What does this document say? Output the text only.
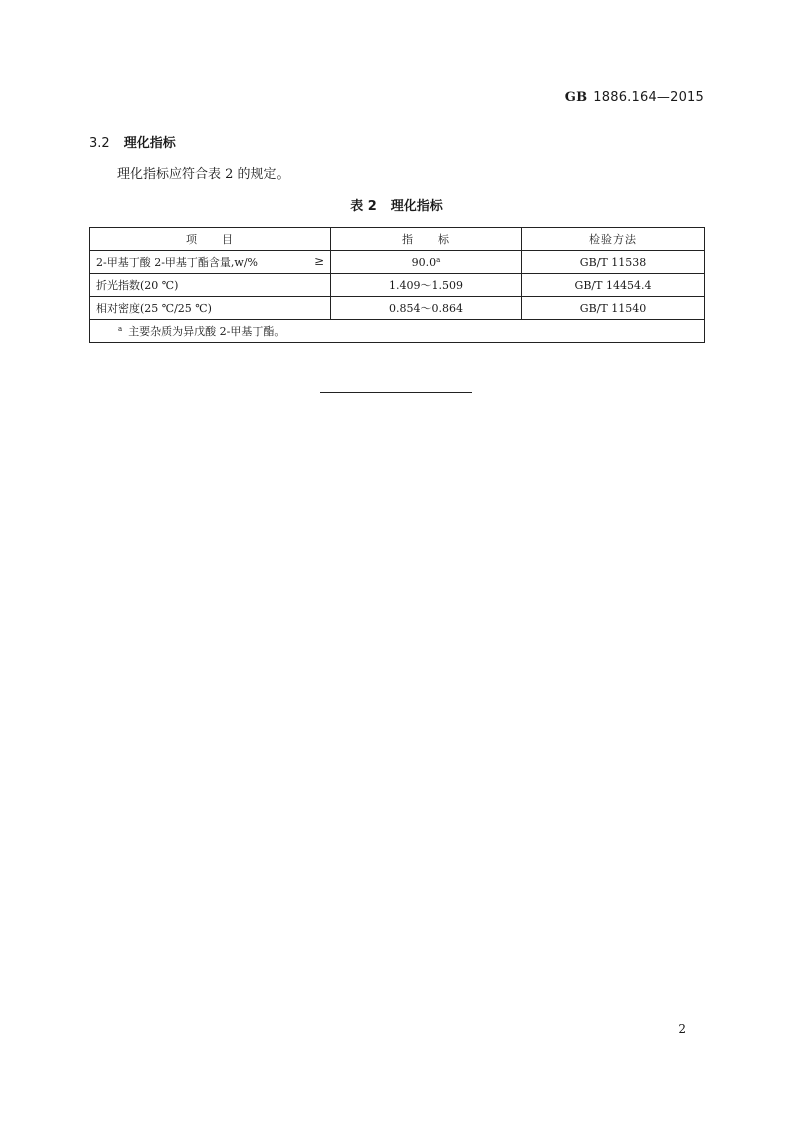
GB 1886.164—2015
3.2 理化指标
理化指标应符合表 2 的规定。
表 2 理化指标
项　　目	指　　标	检验方法
2-甲基丁酸 2-甲基丁酯含量,w/% ≥	90.0$^a$	GB/T 11538
折光指数(20 ℃)	1.409～1.509	GB/T 14454.4
相对密度(25 ℃/25 ℃)	0.854～0.864	GB/T 11540
$^a$ 主要杂质为异戊酸 2-甲基丁酯。		
2
